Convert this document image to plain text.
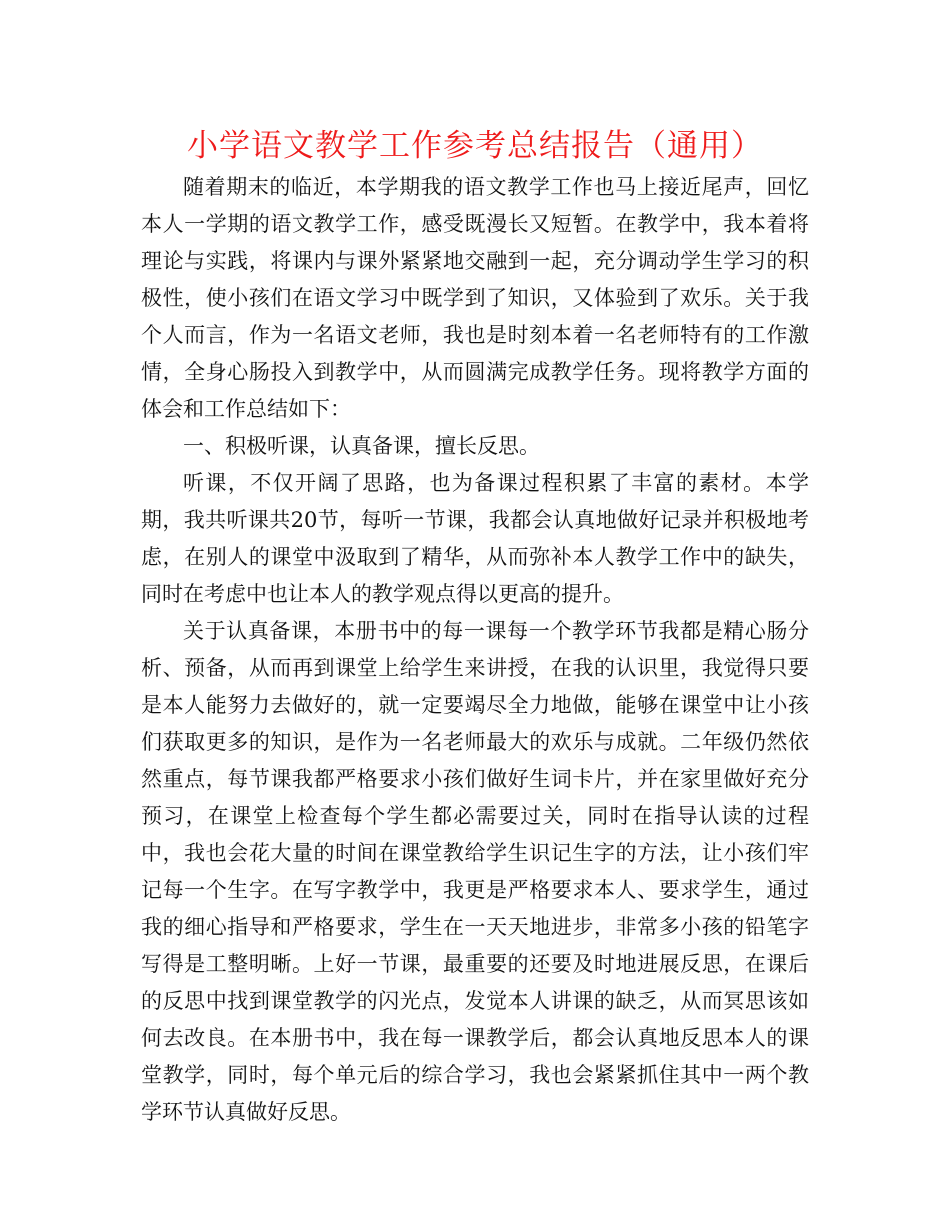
小学语文教学工作参考总结报告（通用）

随着期末的临近，本学期我的语文教学工作也马上接近尾声，回忆本人一学期的语文教学工作，感受既漫长又短暂。在教学中，我本着将理论与实践，将课内与课外紧紧地交融到一起，充分调动学生学习的积极性，使小孩们在语文学习中既学到了知识，又体验到了欢乐。关于我个人而言，作为一名语文老师，我也是时刻本着一名老师特有的工作激情，全身心肠投入到教学中，从而圆满完成教学任务。现将教学方面的体会和工作总结如下：

一、积极听课，认真备课，擅长反思。

听课，不仅开阔了思路，也为备课过程积累了丰富的素材。本学期，我共听课共20节，每听一节课，我都会认真地做好记录并积极地考虑，在别人的课堂中汲取到了精华，从而弥补本人教学工作中的缺失，同时在考虑中也让本人的教学观点得以更高的提升。

关于认真备课，本册书中的每一课每一个教学环节我都是精心肠分析、预备，从而再到课堂上给学生来讲授，在我的认识里，我觉得只要是本人能努力去做好的，就一定要竭尽全力地做，能够在课堂中让小孩们获取更多的知识，是作为一名老师最大的欢乐与成就。二年级仍然依然重点，每节课我都严格要求小孩们做好生词卡片，并在家里做好充分预习，在课堂上检查每个学生都必需要过关，同时在指导认读的过程中，我也会花大量的时间在课堂教给学生识记生字的方法，让小孩们牢记每一个生字。在写字教学中，我更是严格要求本人、要求学生，通过我的细心指导和严格要求，学生在一天天地进步，非常多小孩的铅笔字写得是工整明晰。上好一节课，最重要的还要及时地进展反思，在课后的反思中找到课堂教学的闪光点，发觉本人讲课的缺乏，从而冥思该如何去改良。在本册书中，我在每一课教学后，都会认真地反思本人的课堂教学，同时，每个单元后的综合学习，我也会紧紧抓住其中一两个教学环节认真做好反思。
